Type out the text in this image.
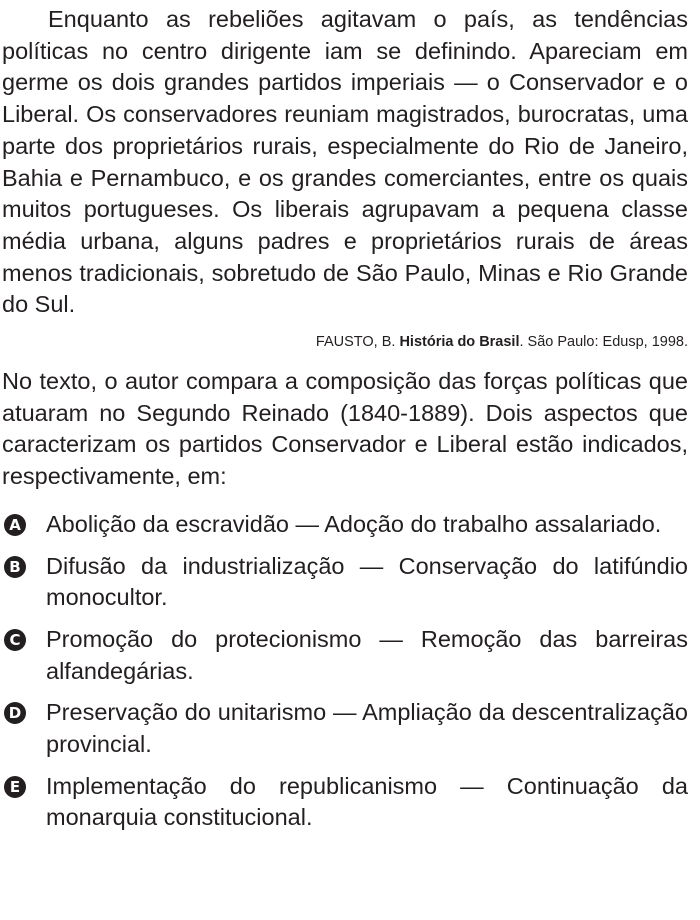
Enquanto as rebeliões agitavam o país, as tendências políticas no centro dirigente iam se definindo. Apareciam em germe os dois grandes partidos imperiais — o Conservador e o Liberal. Os conservadores reuniam magistrados, burocratas, uma parte dos proprietários rurais, especialmente do Rio de Janeiro, Bahia e Pernambuco, e os grandes comerciantes, entre os quais muitos portugueses. Os liberais agrupavam a pequena classe média urbana, alguns padres e proprietários rurais de áreas menos tradicionais, sobretudo de São Paulo, Minas e Rio Grande do Sul.

FAUSTO, B. História do Brasil. São Paulo: Edusp, 1998.

No texto, o autor compara a composição das forças políticas que atuaram no Segundo Reinado (1840-1889). Dois aspectos que caracterizam os partidos Conservador e Liberal estão indicados, respectivamente, em:

A Abolição da escravidão — Adoção do trabalho assalariado.
B Difusão da industrialização — Conservação do latifúndio monocultor.
C Promoção do protecionismo — Remoção das barreiras alfandegárias.
D Preservação do unitarismo — Ampliação da descentralização provincial.
E Implementação do republicanismo — Continuação da monarquia constitucional.
